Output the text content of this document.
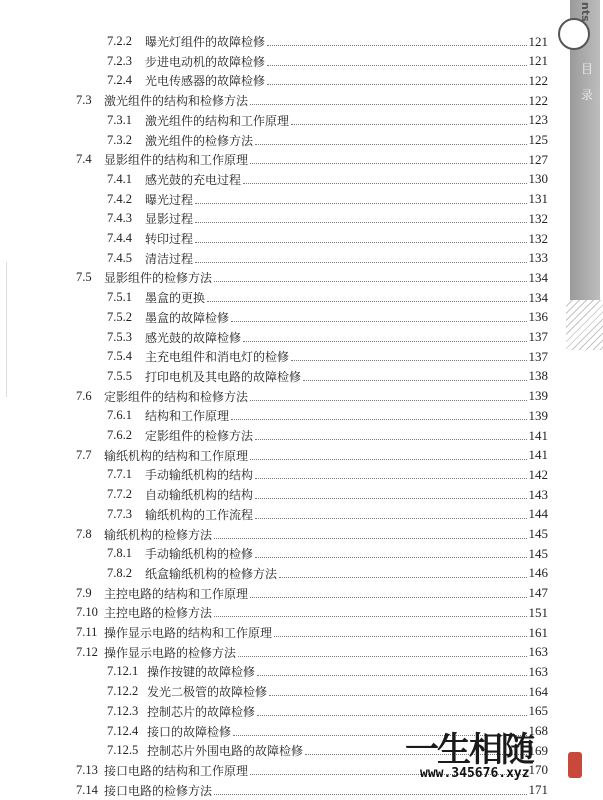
7.2.2	曝光灯组件的故障检修	121
7.2.3	步进电动机的故障检修	121
7.2.4	光电传感器的故障检修	122
7.3	激光组件的结构和检修方法	122
7.3.1	激光组件的结构和工作原理	123
7.3.2	激光组件的检修方法	125
7.4	显影组件的结构和工作原理	127
7.4.1	感光鼓的充电过程	130
7.4.2	曝光过程	131
7.4.3	显影过程	132
7.4.4	转印过程	132
7.4.5	清洁过程	133
7.5	显影组件的检修方法	134
7.5.1	墨盒的更换	134
7.5.2	墨盒的故障检修	136
7.5.3	感光鼓的故障检修	137
7.5.4	主充电组件和消电灯的检修	137
7.5.5	打印电机及其电路的故障检修	138
7.6	定影组件的结构和检修方法	139
7.6.1	结构和工作原理	139
7.6.2	定影组件的检修方法	141
7.7	输纸机构的结构和工作原理	141
7.7.1	手动输纸机构的结构	142
7.7.2	自动输纸机构的结构	143
7.7.3	输纸机构的工作流程	144
7.8	输纸机构的检修方法	145
7.8.1	手动输纸机构的检修	145
7.8.2	纸盒输纸机构的检修方法	146
7.9	主控电路的结构和工作原理	147
7.10 主控电路的检修方法	151
7.11 操作显示电路的结构和工作原理	161
7.12 操作显示电路的检修方法	163
7.12.1 操作按键的故障检修	163
7.12.2 发光二极管的故障检修	164
7.12.3 控制芯片的故障检修	165
7.12.4 接口的故障检修	168
7.12.5 控制芯片外围电路的故障检修	169
7.13 接口电路的结构和工作原理	170
7.14 接口电路的检修方法	171
nts
目
录
一生相随
www.345676.xyz
